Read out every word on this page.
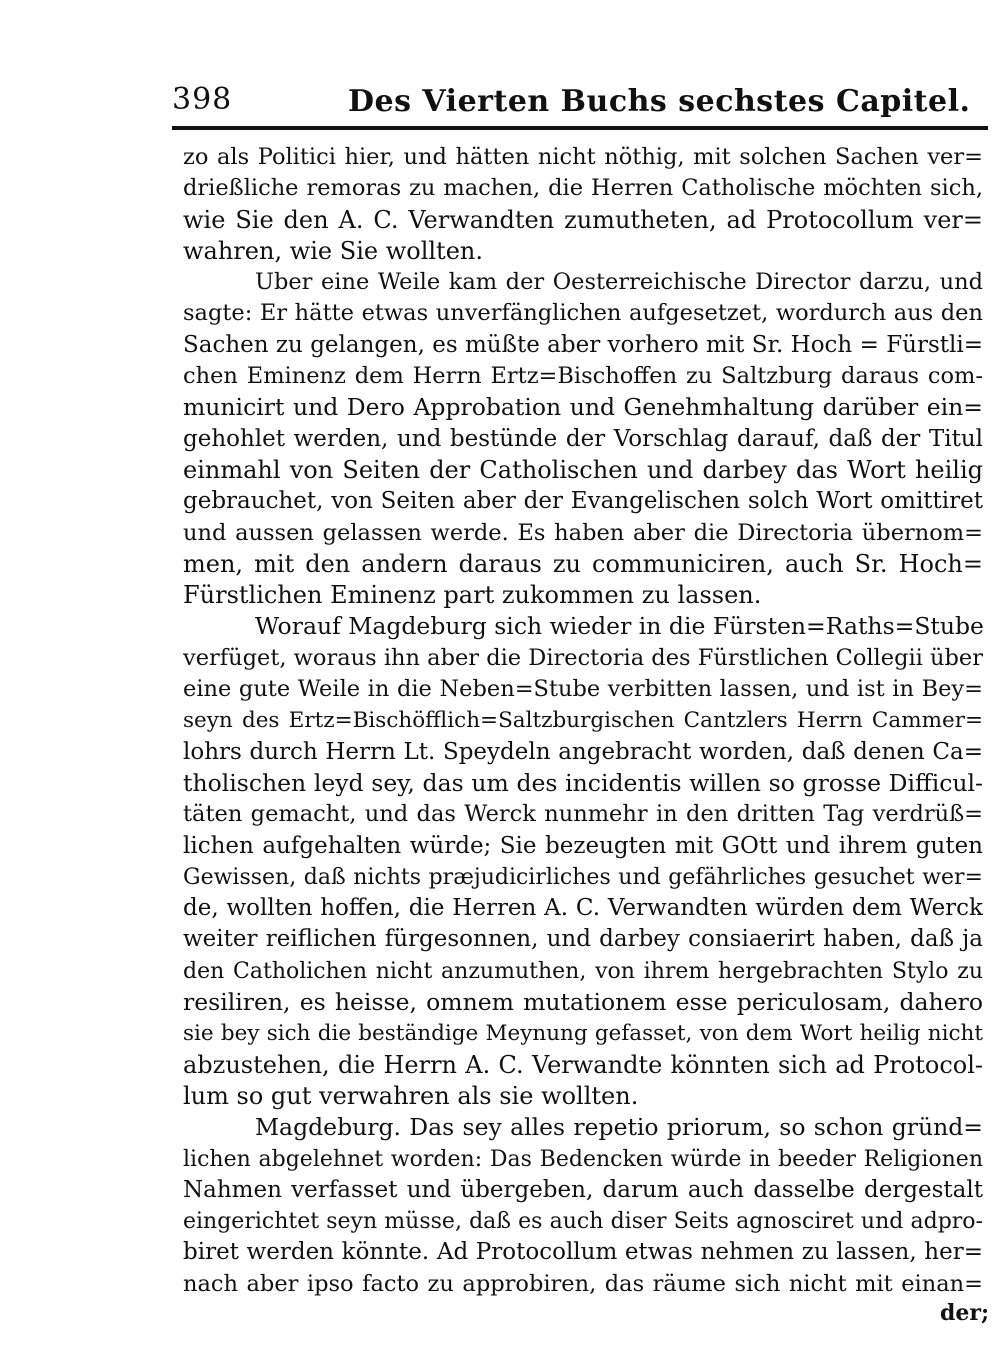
398	Des Vierten Buchs sechstes Capitel.
zo als Politici hier, und hätten nicht nöthig, mit solchen Sachen ver=
drießliche remoras zu machen, die Herren Catholische möchten sich,
wie Sie den A. C. Verwandten zumutheten, ad Protocollum ver=
wahren, wie Sie wollten.
Uber eine Weile kam der Oesterreichische Director darzu, und
sagte: Er hätte etwas unverfänglichen aufgesetzet, wordurch aus den
Sachen zu gelangen, es müßte aber vorhero mit Sr. Hoch = Fürstli=
chen Eminenz dem Herrn Ertz=Bischoffen zu Saltzburg daraus com-
municirt und Dero Approbation und Genehmhaltung darüber ein=
gehohlet werden, und bestünde der Vorschlag darauf, daß der Titul
einmahl von Seiten der Catholischen und darbey das Wort heilig
gebrauchet, von Seiten aber der Evangelischen solch Wort omittiret
und aussen gelassen werde. Es haben aber die Directoria übernom=
men, mit den andern daraus zu communiciren, auch Sr. Hoch=
Fürstlichen Eminenz part zukommen zu lassen.
Worauf Magdeburg sich wieder in die Fürsten=Raths=Stube
verfüget, woraus ihn aber die Directoria des Fürstlichen Collegii über
eine gute Weile in die Neben=Stube verbitten lassen, und ist in Bey=
seyn des Ertz=Bischöfflich=Saltzburgischen Cantzlers Herrn Cammer=
lohrs durch Herrn Lt. Speydeln angebracht worden, daß denen Ca=
tholischen leyd sey, das um des incidentis willen so grosse Difficul-
täten gemacht, und das Werck nunmehr in den dritten Tag verdrüß=
lichen aufgehalten würde; Sie bezeugten mit GOtt und ihrem guten
Gewissen, daß nichts præjudicirliches und gefährliches gesuchet wer=
de, wollten hoffen, die Herren A. C. Verwandten würden dem Werck
weiter reiflichen fürgesonnen, und darbey consiaerirt haben, daß ja
den Catholichen nicht anzumuthen, von ihrem hergebrachten Stylo zu
resiliren, es heisse, omnem mutationem esse periculosam, dahero
sie bey sich die beständige Meynung gefasset, von dem Wort heilig nicht
abzustehen, die Herrn A. C. Verwandte könnten sich ad Protocol-
lum so gut verwahren als sie wollten.
Magdeburg. Das sey alles repetio priorum, so schon gründ=
lichen abgelehnet worden: Das Bedencken würde in beeder Religionen
Nahmen verfasset und übergeben, darum auch dasselbe dergestalt
eingerichtet seyn müsse, daß es auch diser Seits agnosciret und adpro-
biret werden könnte. Ad Protocollum etwas nehmen zu lassen, her=
nach aber ipso facto zu approbiren, das räume sich nicht mit einan=
der;
